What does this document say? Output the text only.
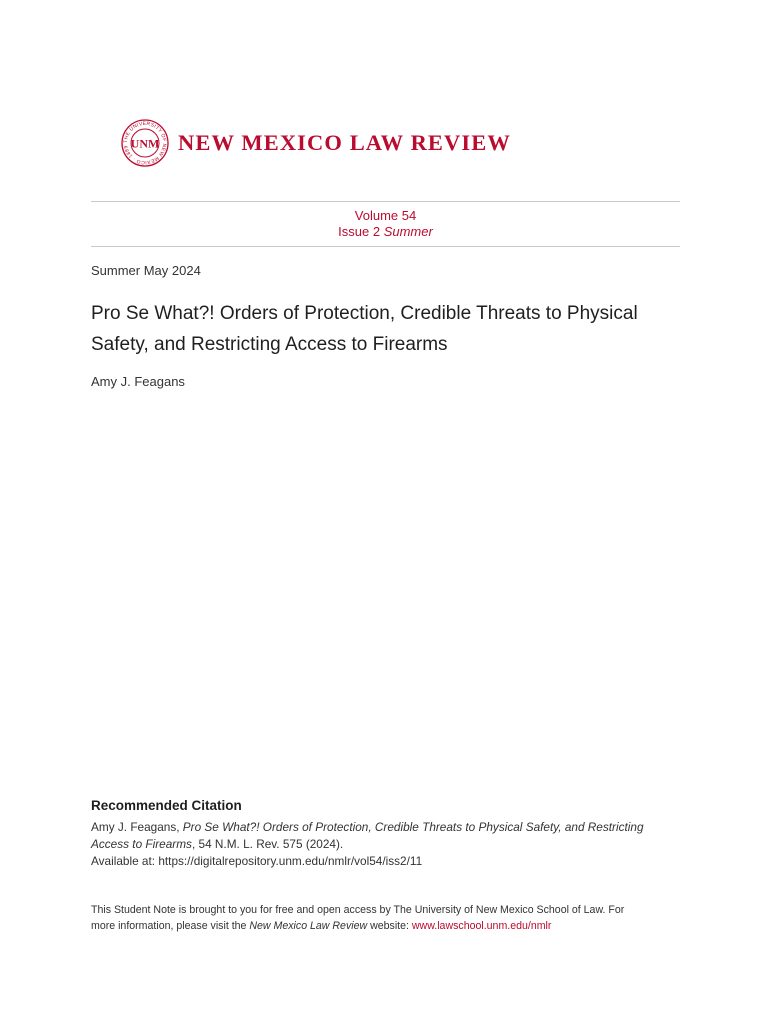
THE UNIVERSITY OF NEW MEXICO · 1889 UNM NEW MEXICO LAW REVIEW
Volume 54
Issue 2 Summer
Summer May 2024
Pro Se What?! Orders of Protection, Credible Threats to Physical
Safety, and Restricting Access to Firearms
Amy J. Feagans
Recommended Citation
Amy J. Feagans, Pro Se What?! Orders of Protection, Credible Threats to Physical Safety, and Restricting
Access to Firearms, 54 N.M. L. Rev. 575 (2024).
Available at: https://digitalrepository.unm.edu/nmlr/vol54/iss2/11
This Student Note is brought to you for free and open access by The University of New Mexico School of Law. For
more information, please visit the New Mexico Law Review website: www.lawschool.unm.edu/nmlr
